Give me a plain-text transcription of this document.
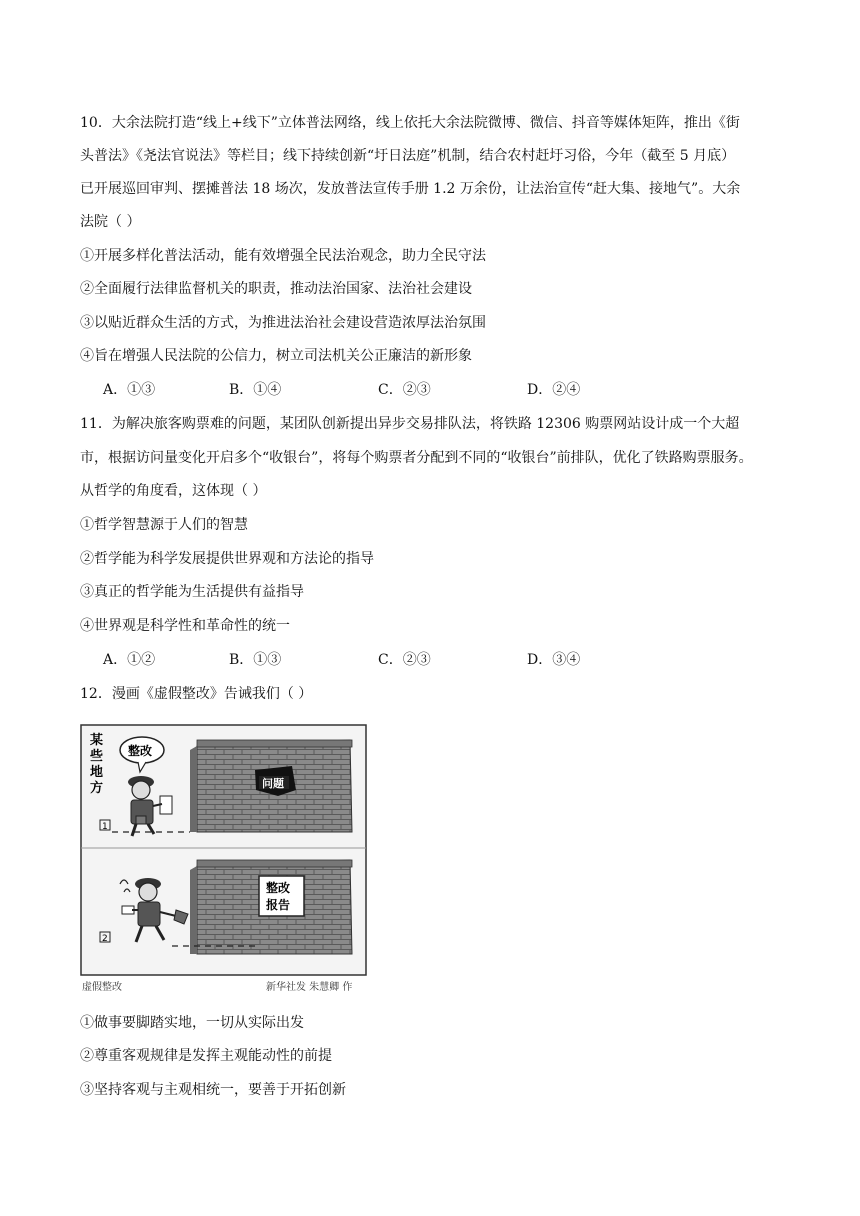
10．大余法院打造“线上+线下”立体普法网络，线上依托大余法院微博、微信、抖音等媒体矩阵，推出《街
头普法》《尧法官说法》等栏目；线下持续创新“圩日法庭”机制，结合农村赶圩习俗，今年（截至 5 月底）
已开展巡回审判、摆摊普法 18 场次，发放普法宣传手册 1.2 万余份，让法治宣传“赶大集、接地气”。大余
法院（ ）
①开展多样化普法活动，能有效增强全民法治观念，助力全民守法
②全面履行法律监督机关的职责，推动法治国家、法治社会建设
③以贴近群众生活的方式，为推进法治社会建设营造浓厚法治氛围
④旨在增强人民法院的公信力，树立司法机关公正廉洁的新形象
A．①③	B．①④	C．②③	D．②④
11．为解决旅客购票难的问题，某团队创新提出异步交易排队法，将铁路 12306 购票网站设计成一个大超
市，根据访问量变化开启多个“收银台”，将每个购票者分配到不同的“收银台”前排队，优化了铁路购票服务。
从哲学的角度看，这体现（ ）
①哲学智慧源于人们的智慧
②哲学能为科学发展提供世界观和方法论的指导
③真正的哲学能为生活提供有益指导
④世界观是科学性和革命性的统一
A．①②	B．①③	C．②③	D．③④
12．漫画《虚假整改》告诫我们（ ）
某
些
地
方	问题
整改
1
整改
报告
2
虚假整改	新华社发 朱慧卿 作
①做事要脚踏实地，一切从实际出发
②尊重客观规律是发挥主观能动性的前提
③坚持客观与主观相统一，要善于开拓创新
